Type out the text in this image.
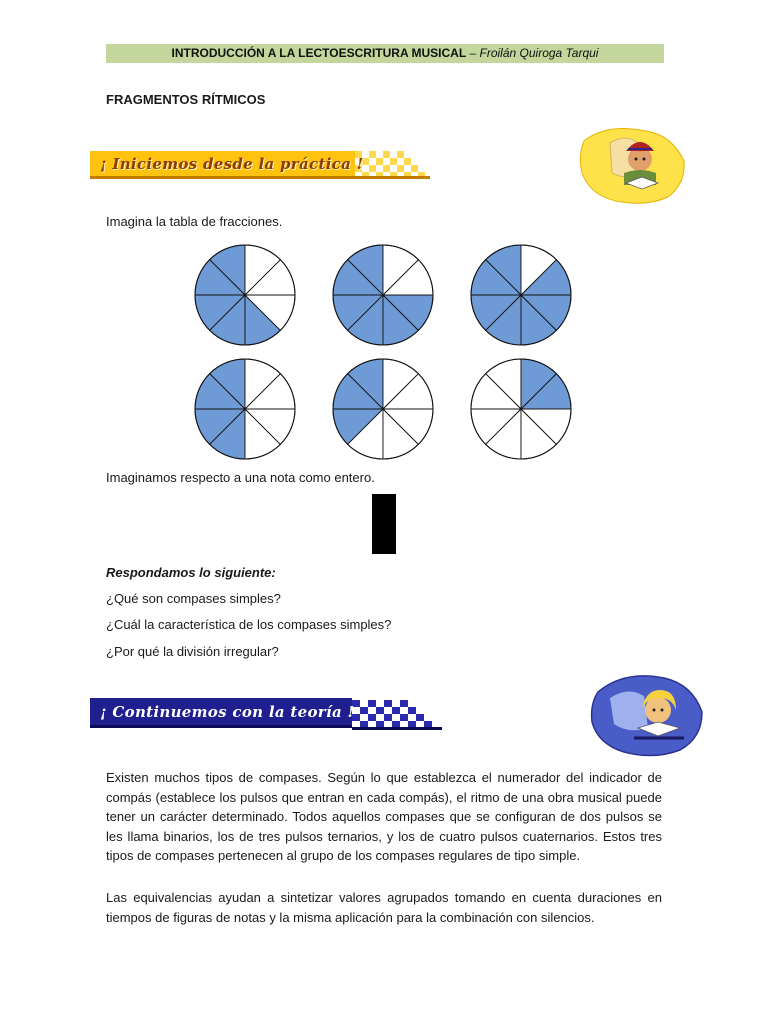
INTRODUCCIÓN A LA LECTOESCRITURA MUSICAL – Froilán Quiroga Tarqui
FRAGMENTOS RÍTMICOS
¡ Iniciemos desde la práctica !
Imagina la tabla de fracciones.
Imaginamos respecto a una nota como entero.
Respondamos lo siguiente:
¿Qué son compases simples?
¿Cuál la característica de los compases simples?
¿Por qué la división irregular?
¡ Continuemos con la teoría !
Existen muchos tipos de compases. Según lo que establezca el numerador del indicador de compás (establece los pulsos que entran en cada compás), el ritmo de una obra musical puede tener un carácter determinado. Todos aquellos compases que se configuran de dos pulsos se les llama binarios, los de tres pulsos ternarios, y los de cuatro pulsos cuaternarios. Estos tres tipos de compases pertenecen al grupo de los compases regulares de tipo simple.
Las equivalencias ayudan a sintetizar valores agrupados tomando en cuenta duraciones en tiempos de figuras de notas y la misma aplicación para la combinación con silencios.
